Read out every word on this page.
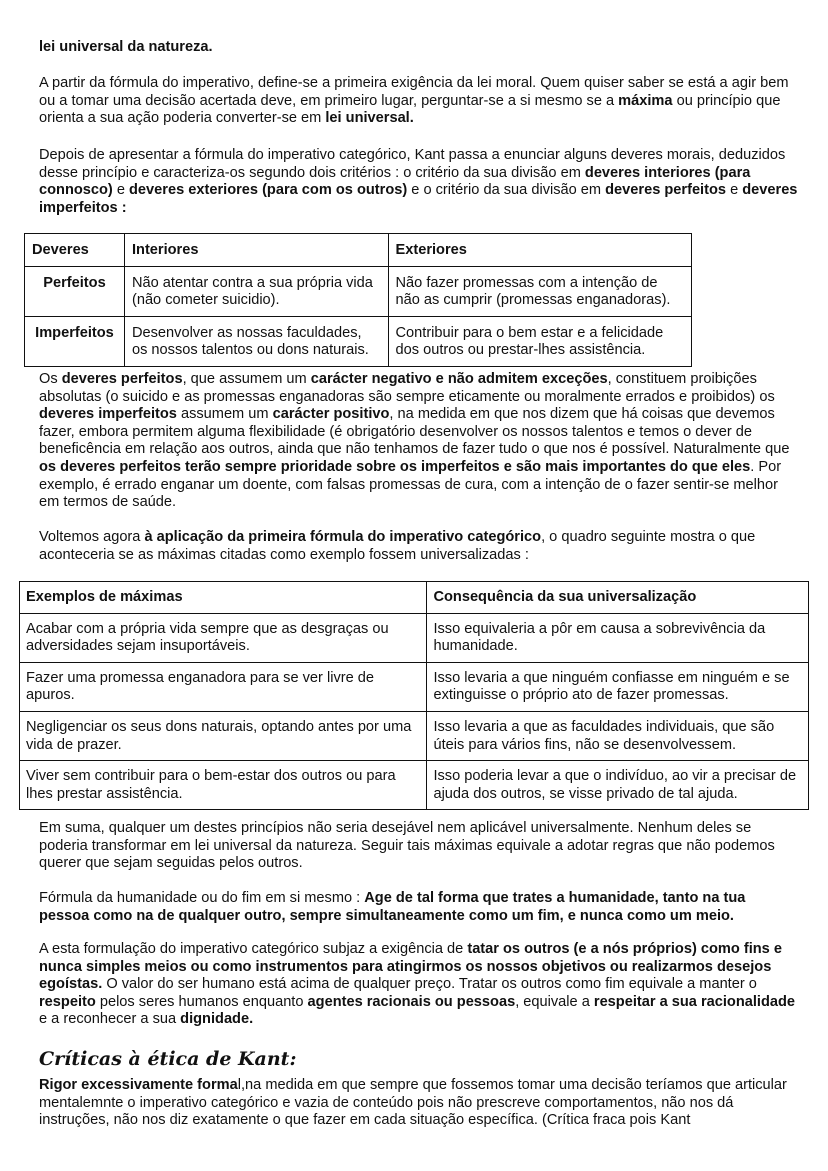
lei universal da natureza.

A partir da fórmula do imperativo, define-se a primeira exigência da lei moral. Quem quiser saber se está a agir bem ou a tomar uma decisão acertada deve, em primeiro lugar, perguntar-se a si mesmo se a máxima ou princípio que orienta a sua ação poderia converter-se em lei universal.

Depois de apresentar a fórmula do imperativo categórico, Kant passa a enunciar alguns deveres morais, deduzidos desse princípio e caracteriza-os segundo dois critérios : o critério da sua divisão em deveres interiores (para connosco) e deveres exteriores (para com os outros) e o critério da sua divisão em deveres perfeitos e deveres imperfeitos :

Deveres	Interiores	Exteriores
Perfeitos	Não atentar contra a sua própria vida (não cometer suicidio).	Não fazer promessas com a intenção de não as cumprir (promessas enganadoras).
Imperfeitos	Desenvolver as nossas faculdades, os nossos talentos ou dons naturais.	Contribuir para o bem estar e a felicidade dos outros ou prestar-lhes assistência.

Os deveres perfeitos, que assumem um carácter negativo e não admitem exceções, constituem proibições absolutas (o suicido e as promessas enganadoras são sempre eticamente ou moralmente errados e proibidos) os deveres imperfeitos assumem um carácter positivo, na medida em que nos dizem que há coisas que devemos fazer, embora permitem alguma flexibilidade (é obrigatório desenvolver os nossos talentos e temos o dever de beneficência em relação aos outros, ainda que não tenhamos de fazer tudo o que nos é possível. Naturalmente que os deveres perfeitos terão sempre prioridade sobre os imperfeitos e são mais importantes do que eles. Por exemplo, é errado enganar um doente, com falsas promessas de cura, com a intenção de o fazer sentir-se melhor em termos de saúde.

Voltemos agora à aplicação da primeira fórmula do imperativo categórico, o quadro seguinte mostra o que aconteceria se as máximas citadas como exemplo fossem universalizadas :

Exemplos de máximas	Consequência da sua universalização
Acabar com a própria vida sempre que as desgraças ou adversidades sejam insuportáveis.	Isso equivaleria a pôr em causa a sobrevivência da humanidade.
Fazer uma promessa enganadora para se ver livre de apuros.	Isso levaria a que ninguém confiasse em ninguém e se extinguisse o próprio ato de fazer promessas.
Negligenciar os seus dons naturais, optando antes por uma vida de prazer.	Isso levaria a que as faculdades individuais, que são úteis para vários fins, não se desenvolvessem.
Viver sem contribuir para o bem-estar dos outros ou para lhes prestar assistência.	Isso poderia levar a que o indivíduo, ao vir a precisar de ajuda dos outros, se visse privado de tal ajuda.

Em suma, qualquer um destes princípios não seria desejável nem aplicável universalmente. Nenhum deles se poderia transformar em lei universal da natureza. Seguir tais máximas equivale a adotar regras que não podemos querer que sejam seguidas pelos outros.

Fórmula da humanidade ou do fim em si mesmo : Age de tal forma que trates a humanidade, tanto na tua pessoa como na de qualquer outro, sempre simultaneamente como um fim, e nunca como um meio.

A esta formulação do imperativo categórico subjaz a exigência de tatar os outros (e a nós próprios) como fins e nunca simples meios ou como instrumentos para atingirmos os nossos objetivos ou realizarmos desejos egoístas. O valor do ser humano está acima de qualquer preço. Tratar os outros como fim equivale a manter o respeito pelos seres humanos enquanto agentes racionais ou pessoas, equivale a respeitar a sua racionalidade e a reconhecer a sua dignidade.

Críticas à ética de Kant:

Rigor excessivamente formal,na medida em que sempre que fossemos tomar uma decisão teríamos que articular mentalemnte o imperativo categórico e vazia de conteúdo pois não prescreve comportamentos, não nos dá instruções, não nos diz exatamente o que fazer em cada situação específica. (Crítica fraca pois Kant
